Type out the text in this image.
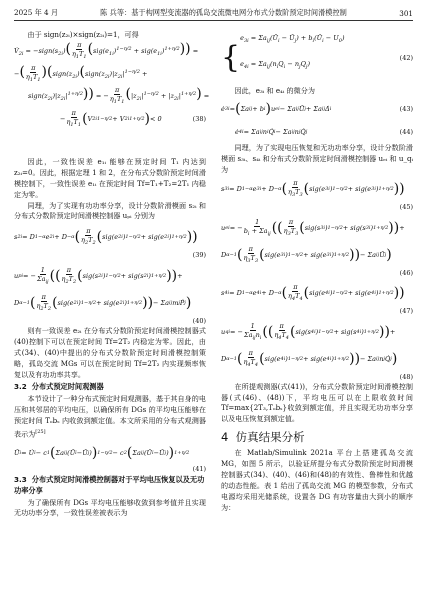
2025 年 4 月	陈 兵等：基于构网型变流器的孤岛交流微电网分布式分数阶预定时间滑模控制	301

由于 sign(z₂ᵢ)×sign(z₂ᵢ)=1，可得

$V̇_{2i}$ = $-sign(s_{2i})( \frac{\pi}{\eta_1T_1} (sig(e_{1i})^{1-\eta/2} + sig(e_{1i})^{1+\eta/2}))$ =
−( $\frac{\pi}{\eta_1T_1}$ )($sign(z_{2i})(sign(z_{2i})|z_{2i}|^{1-\eta/2}$ +
$sign(z_{2i})|z_{2i}|^{1+\eta/2}$)) = − $\frac{\pi}{\eta_1T_1} (|z_{2i}|^{1-\eta/2} + |z_{2i}|^{1+\eta/2})$ =
− $\frac{\pi}{\eta_1T_1}$ ( V 2i 1−η/2 + V 2i 1+η/2 ) < 0	(38)

因此，一致性误差 e₁ᵢ 能够在预定时间 T₁ 内达到 z₂ᵢ=0。因此，根据定理 1 和 2，在分布式分数阶预定时间滑模控制下，一致性误差 e₁ᵢ 在预定时间 Tf=T₁+T₂=2T₁ 内稳定为零。

同理，为了实现有功功率分享，设计分数阶滑模面 s₂ᵢ 和分布式分数阶预定时间滑模控制器 uₚᵢ 分别为

s 2i = D 1−α e 2i + D −α ( $\frac{\pi}{\eta_2T_2}$ ( sig(e 2i ) 1−η/2 + sig(e 2i ) 1+η/2 ))
(39)
u pi = − $\frac{1}{\Sigma a_{ij}}$ (( $\frac{\pi}{\eta_2T_2}$ ( sig(s 2i ) 1−η/2 + sig(s 2i ) 1+η/2 )) +
D α−1 ( $\frac{\pi}{\eta_2T_2}$ ( sig(e 2i ) 1−η/2 + sig(e 2i ) 1+η/2 )) − Σa ij m j Ṗ j )
(40)

则有一致误差 e₂ᵢ 在分布式分数阶预定时间滑模控制器式(40)控制下可以在预定时间 Tf=2T₂ 内稳定为零。因此，由式(34)、(40)中提出的分布式分数阶预定时间滑模控制策略，孤岛交流 MGs 可以在预定时间 Tf=2T₂ 内实现频率恢复以及有功功率共享。

3.2 分布式预定时间观测器

本节设计了一种分布式预定时间观测器，基于其自身的电压和其邻居的平均电压，以确保所有 DGs 的平均电压能够在预定时间 Tₒbₛ 内收敛到额定值。本文所采用的分布式观测器表示为[25]

Ū̇ i = U̇ i − c 1 ( Σa ij (Ū i −Ū j ) ) 1−η/2 − c 2 ( Σa ij (Ū i −Ū j ) ) 1+η/2
(41)
3.3 分布式预定时间滑模控制器对于平均电压恢复以及无功功率分享

为了确保所有 DGs 平均电压能够收敛到参考值并且实现无功功率分享，一致性误差被表示为

{
$e_{3i}$ = $\Sigma a_{ij}(Ū_i$ − $Ū_j$) + $b_i(Ū_i - U_0)$
$e_{4i} = \Sigma a_{ij}(n_iQ_i - n_jQ_j)$
(42)

因此，e₃ᵢ 和 e₄ᵢ 的微分为

ė 3i = ( Σa ij + b i ) u ei − Σa ij Ū̇ j + Σa ij Δ̇ i	(43)
ė 4i = Σa ij n i Q̇ i − Σa ij n j Q̇ j	(44)

同理，为了实现电压恢复和无功功率分享，设计分数阶滑模面 s₃ᵢ、s₄ᵢ 和分布式分数阶预定时间滑模控制器 uₑᵢ 和 u_qᵢ 为

s 3i = D 1−α e 3i + D −α ( $\frac{\pi}{\eta_3T_3}$ ( sig(e 3i ) 1−η/2 + sig(e 3i ) 1+η/2 ))
(45)
u ei = − $\frac{1}{b_i + \Sigma a_{ij}}$ (( $\frac{\pi}{\eta_3T_3}$ ( sig(s 3i ) 1−η/2 + sig(s 3i ) 1+η/2 )) +
D α−1 ( $\frac{\pi}{\eta_3T_3}$ ( sig(e 3i ) 1−η/2 + sig(e 3i ) 1+η/2 )) − Σa ij Ū̇ j )
(46)
s 4i = D 1−α e 4i + D −α ( $\frac{\pi}{\eta_4T_4}$ ( sig(e 4i ) 1−η/2 + sig(e 4i ) 1+η/2 ))
(47)
u qi = − $\frac{1}{\Sigma a_{ij}n_i}$ (( $\frac{\pi}{\eta_4T_4}$ ( sig(s 4i ) 1−η/2 + sig(s 4i ) 1+η/2 )) +
D α−1 ( $\frac{\pi}{\eta_4T_4}$ ( sig(e 4i ) 1−η/2 + sig(e 4i ) 1+η/2 )) − Σa ij n j Q̇ j )
(48)

在所提观测器(式(41))，分布式分数阶预定时间滑模控制器(式(46)、(48))下，平均电压可以在上限收敛时间 Tf=max{2T₃,Tₒbₛ}收敛到额定值，并且实现无功功率分享以及电压恢复到额定值。

4 仿真结果分析

在 Matlab/Simulink 2021a 平台上搭建孤岛交流 MG，如图 5 所示，以验证所提分布式分数阶预定时间滑模控制器式(34)、(40)、(46)和(48)的有效性、鲁棒性和优越的动态性能。表 1 给出了孤岛交流 MG 的模型参数，分布式电源均采用光储系统，设置各 DG 有功容量由大到小的顺序为：
